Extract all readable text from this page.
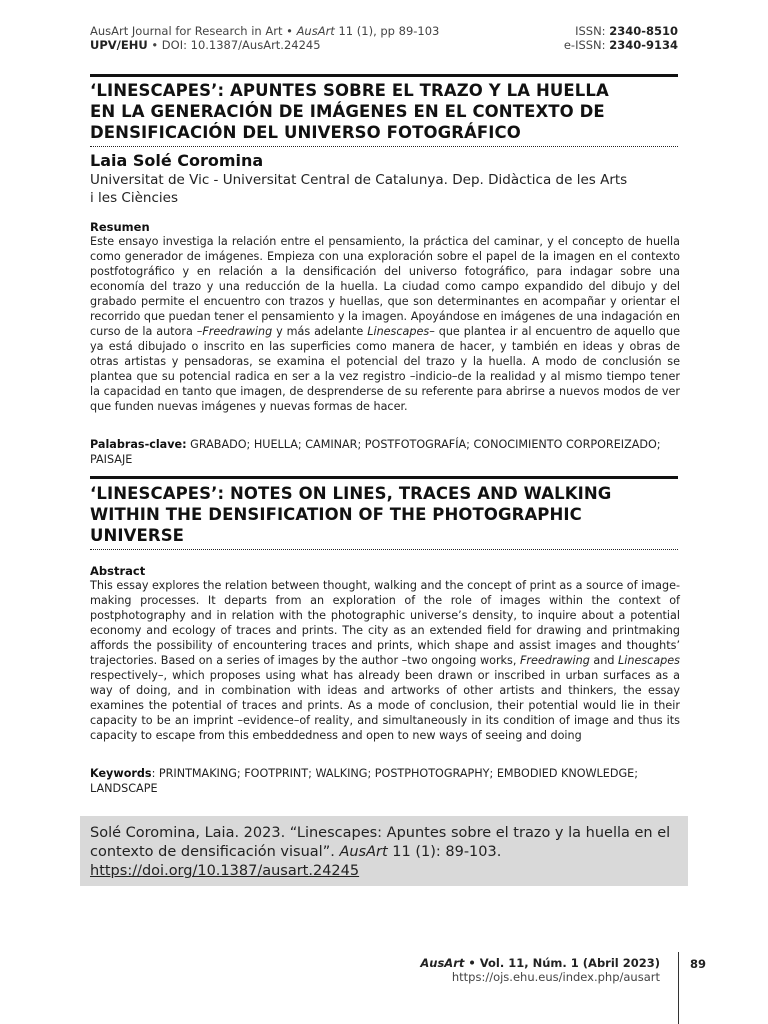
AusArt Journal for Research in Art • AusArt 11 (1), pp 89-103
UPV/EHU • DOI: 10.1387/AusArt.24245
ISSN: 2340-8510
e-ISSN: 2340-9134
‘LINESCAPES’: APUNTES SOBRE EL TRAZO Y LA HUELLA
EN LA GENERACIÓN DE IMÁGENES EN EL CONTEXTO DE
DENSIFICACIÓN DEL UNIVERSO FOTOGRÁFICO
Laia Solé Coromina
Universitat de Vic - Universitat Central de Catalunya. Dep. Didàctica de les Arts
i les Ciències
Resumen
Este ensayo investiga la relación entre el pensamiento, la práctica del caminar, y el concepto de huella como generador de imágenes. Empieza con una exploración sobre el papel de la imagen en el contexto postfotográfico y en relación a la densificación del universo fotográfico, para indagar sobre una economía del trazo y una reducción de la huella. La ciudad como campo expandido del dibujo y del grabado permite el encuentro con trazos y huellas, que son determinantes en acompañar y orientar el recorrido que puedan tener el pensamiento y la imagen. Apoyándose en imágenes de una indagación en curso de la autora –Freedrawing y más adelante Linescapes– que plantea ir al encuentro de aquello que ya está dibujado o inscrito en las superficies como manera de hacer, y también en ideas y obras de otras artistas y pensadoras, se examina el potencial del trazo y la huella. A modo de conclusión se plantea que su potencial radica en ser a la vez registro –indicio–de la realidad y al mismo tiempo tener la capacidad en tanto que imagen, de desprenderse de su referente para abrirse a nuevos modos de ver que funden nuevas imágenes y nuevas formas de hacer.
Palabras-clave: GRABADO; HUELLA; CAMINAR; POSTFOTOGRAFÍA; CONOCIMIENTO CORPOREIZADO; PAISAJE
‘LINESCAPES’: NOTES ON LINES, TRACES AND WALKING
WITHIN THE DENSIFICATION OF THE PHOTOGRAPHIC
UNIVERSE
Abstract
This essay explores the relation between thought, walking and the concept of print as a source of image-making processes. It departs from an exploration of the role of images within the context of postphotography and in relation with the photographic universe’s density, to inquire about a potential economy and ecology of traces and prints. The city as an extended field for drawing and printmaking affords the possibility of encountering traces and prints, which shape and assist images and thoughts’ trajectories. Based on a series of images by the author –two ongoing works, Freedrawing and Linescapes respectively–, which proposes using what has already been drawn or inscribed in urban surfaces as a way of doing, and in combination with ideas and artworks of other artists and thinkers, the essay examines the potential of traces and prints. As a mode of conclusion, their potential would lie in their capacity to be an imprint –evidence–of reality, and simultaneously in its condition of image and thus its capacity to escape from this embeddedness and open to new ways of seeing and doing
Keywords: PRINTMAKING; FOOTPRINT; WALKING; POSTPHOTOGRAPHY; EMBODIED KNOWLEDGE; LANDSCAPE
Solé Coromina, Laia. 2023. “Linescapes: Apuntes sobre el trazo y la huella en el contexto de densificación visual”. AusArt 11 (1): 89-103. https://doi.org/10.1387/ausart.24245
AusArt • Vol. 11, Núm. 1 (Abril 2023)
https://ojs.ehu.eus/index.php/ausart
89
